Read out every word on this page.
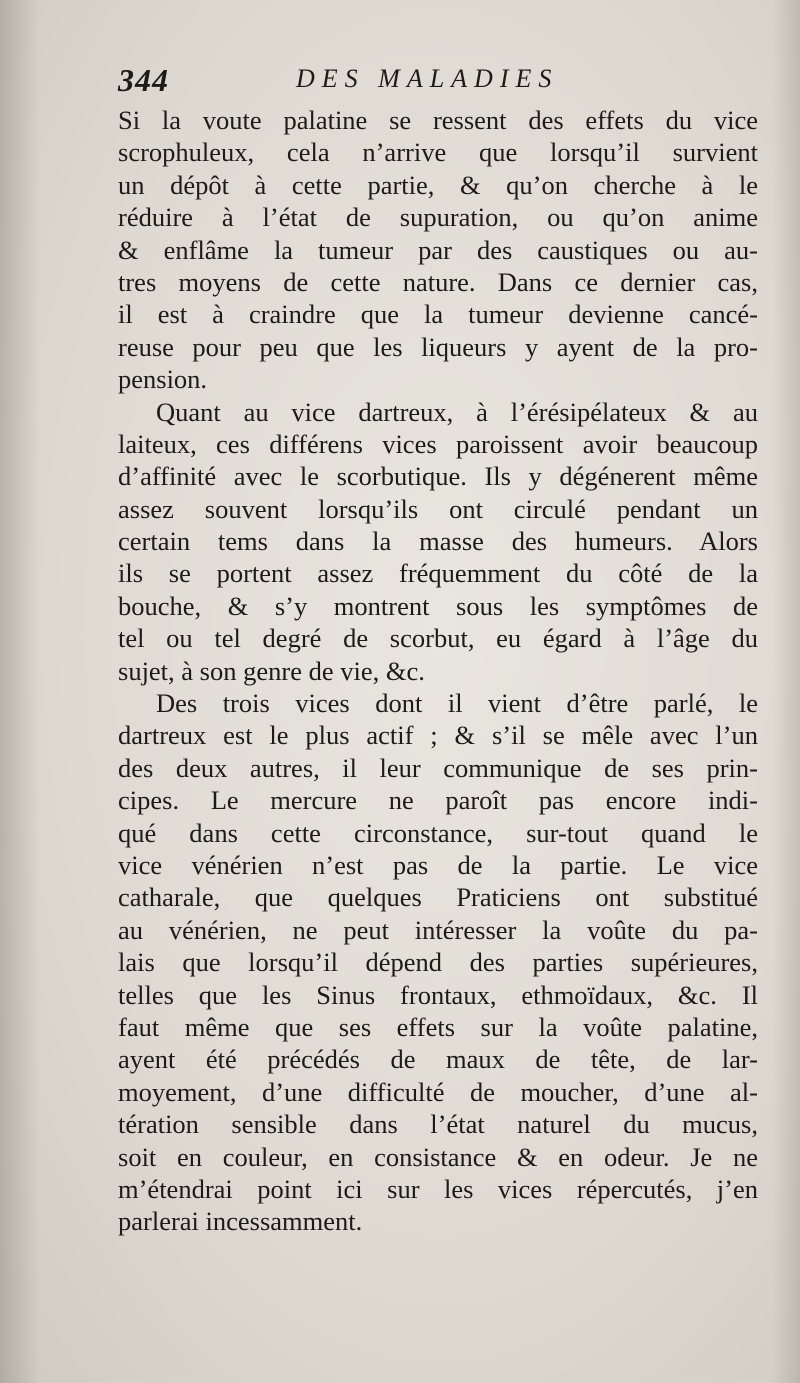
344	DES MALADIES
Si la voute palatine se ressent des effets du vice
scrophuleux, cela n’arrive que lorsqu’il survient
un dépôt à cette partie, & qu’on cherche à le
réduire à l’état de supuration, ou qu’on anime
& enflâme la tumeur par des caustiques ou au-
tres moyens de cette nature. Dans ce dernier cas,
il est à craindre que la tumeur devienne cancé-
reuse pour peu que les liqueurs y ayent de la pro-
pension.
Quant au vice dartreux, à l’érésipélateux & au
laiteux, ces différens vices paroissent avoir beaucoup
d’affinité avec le scorbutique. Ils y dégénerent même
assez souvent lorsqu’ils ont circulé pendant un
certain tems dans la masse des humeurs. Alors
ils se portent assez fréquemment du côté de la
bouche, & s’y montrent sous les symptômes de
tel ou tel degré de scorbut, eu égard à l’âge du
sujet, à son genre de vie, &c.
Des trois vices dont il vient d’être parlé, le
dartreux est le plus actif ; & s’il se mêle avec l’un
des deux autres, il leur communique de ses prin-
cipes. Le mercure ne paroît pas encore indi-
qué dans cette circonstance, sur-tout quand le
vice vénérien n’est pas de la partie. Le vice
catharale, que quelques Praticiens ont substitué
au vénérien, ne peut intéresser la voûte du pa-
lais que lorsqu’il dépend des parties supérieures,
telles que les Sinus frontaux, ethmoïdaux, &c. Il
faut même que ses effets sur la voûte palatine,
ayent été précédés de maux de tête, de lar-
moyement, d’une difficulté de moucher, d’une al-
tération sensible dans l’état naturel du mucus,
soit en couleur, en consistance & en odeur. Je ne
m’étendrai point ici sur les vices répercutés, j’en
parlerai incessamment.
